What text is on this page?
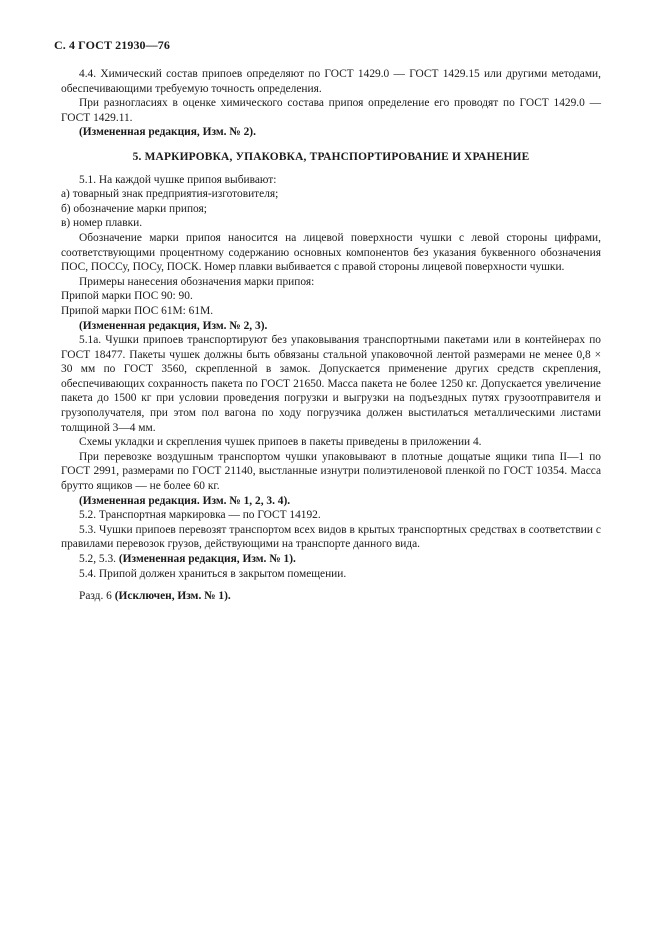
С. 4 ГОСТ 21930—76

4.4. Химический состав припоев определяют по ГОСТ 1429.0 — ГОСТ 1429.15 или другими методами, обеспечивающими требуемую точность определения.

При разногласиях в оценке химического состава припоя определение его проводят по ГОСТ 1429.0 — ГОСТ 1429.11.

(Измененная редакция, Изм. № 2).

5. МАРКИРОВКА, УПАКОВКА, ТРАНСПОРТИРОВАНИЕ И ХРАНЕНИЕ

5.1. На каждой чушке припоя выбивают:

а) товарный знак предприятия-изготовителя;

б) обозначение марки припоя;

в) номер плавки.

Обозначение марки припоя наносится на лицевой поверхности чушки с левой стороны цифрами, соответствующими процентному содержанию основных компонентов без указания буквенного обозначения ПОС, ПОССу, ПОСу, ПОСК. Номер плавки выбивается с правой стороны лицевой поверхности чушки.

Примеры нанесения обозначения марки припоя:

Припой марки ПОС 90: 90.

Припой марки ПОС 61М: 61М.

(Измененная редакция, Изм. № 2, 3).

5.1а. Чушки припоев транспортируют без упаковывания транспортными пакетами или в контейнерах по ГОСТ 18477. Пакеты чушек должны быть обвязаны стальной упаковочной лентой размерами не менее 0,8 × 30 мм по ГОСТ 3560, скрепленной в замок. Допускается применение других средств скрепления, обеспечивающих сохранность пакета по ГОСТ 21650. Масса пакета не более 1250 кг. Допускается увеличение пакета до 1500 кг при условии проведения погрузки и выгрузки на подъездных путях грузоотправителя и грузополучателя, при этом пол вагона по ходу погрузчика должен выстилаться металлическими листами толщиной 3—4 мм.

Схемы укладки и скрепления чушек припоев в пакеты приведены в приложении 4.

При перевозке воздушным транспортом чушки упаковывают в плотные дощатые ящики типа II—1 по ГОСТ 2991, размерами по ГОСТ 21140, выстланные изнутри полиэтиленовой пленкой по ГОСТ 10354. Масса брутто ящиков — не более 60 кг.

(Измененная редакция. Изм. № 1, 2, 3. 4).

5.2. Транспортная маркировка — по ГОСТ 14192.

5.3. Чушки припоев перевозят транспортом всех видов в крытых транспортных средствах в соответствии с правилами перевозок грузов, действующими на транспорте данного вида.

5.2, 5.3. (Измененная редакция, Изм. № 1).

5.4. Припой должен храниться в закрытом помещении.

Разд. 6 (Исключен, Изм. № 1).
